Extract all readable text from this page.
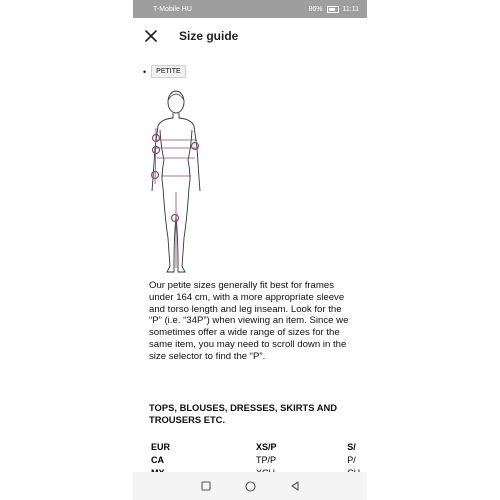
T-Mobile HU	86%	11:11
Size guide
•	PETITE
Our petite sizes generally fit best for frames under 164 cm, with a more appropriate sleeve and torso length and leg inseam. Look for the “P” (i.e. “34P”) when viewing an item. Since we sometimes offer a wide range of sizes for the same item, you may need to scroll down in the size selector to find the “P”.
TOPS, BLOUSES, DRESSES, SKIRTS AND TROUSERS ETC.
EUR	XS/P	S/
CA	TP/P	P/
